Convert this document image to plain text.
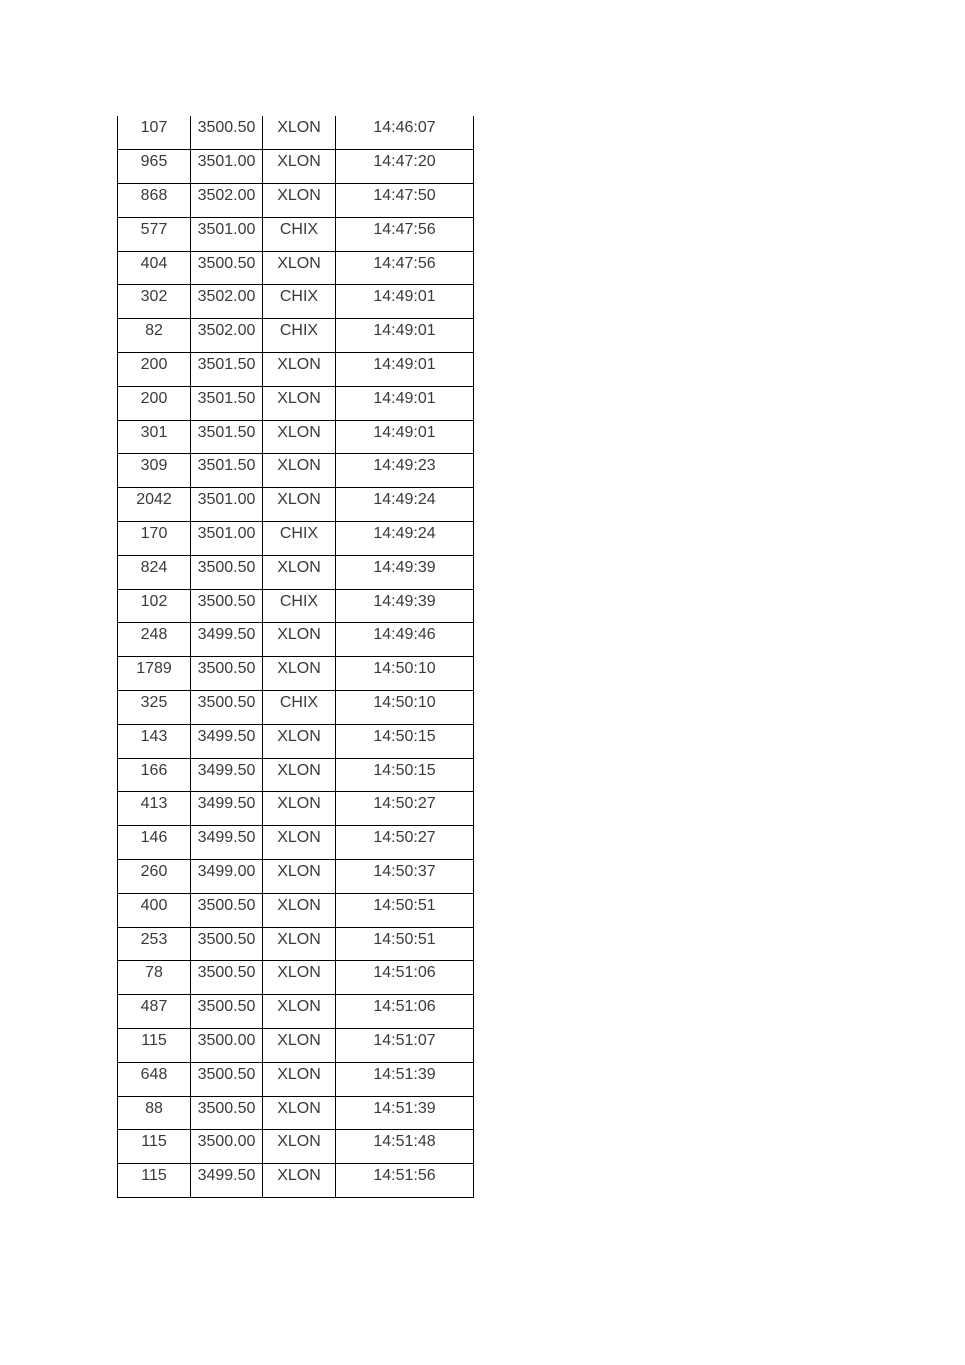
107	3500.50	XLON	14:46:07

965	3501.00	XLON	14:47:20

868	3502.00	XLON	14:47:50

577	3501.00	CHIX	14:47:56

404	3500.50	XLON	14:47:56

302	3502.00	CHIX	14:49:01

82	3502.00	CHIX	14:49:01

200	3501.50	XLON	14:49:01

200	3501.50	XLON	14:49:01

301	3501.50	XLON	14:49:01

309	3501.50	XLON	14:49:23

2042	3501.00	XLON	14:49:24

170	3501.00	CHIX	14:49:24

824	3500.50	XLON	14:49:39

102	3500.50	CHIX	14:49:39

248	3499.50	XLON	14:49:46

1789	3500.50	XLON	14:50:10

325	3500.50	CHIX	14:50:10

143	3499.50	XLON	14:50:15

166	3499.50	XLON	14:50:15

413	3499.50	XLON	14:50:27

146	3499.50	XLON	14:50:27

260	3499.00	XLON	14:50:37

400	3500.50	XLON	14:50:51

253	3500.50	XLON	14:50:51

78	3500.50	XLON	14:51:06

487	3500.50	XLON	14:51:06

115	3500.00	XLON	14:51:07

648	3500.50	XLON	14:51:39

88	3500.50	XLON	14:51:39

115	3500.00	XLON	14:51:48

115	3499.50	XLON	14:51:56
